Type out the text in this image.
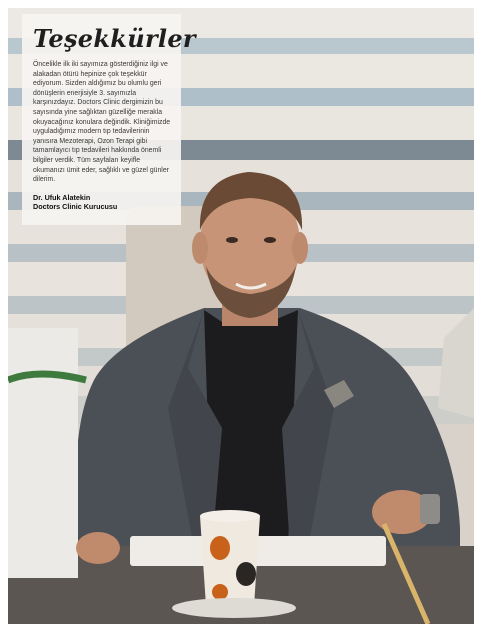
Teşekkürler

Öncelikle ilk iki sayımıza gösterdiğiniz ilgi ve alakadan ötürü hepinize çok teşekkür ediyorum. Sizden aldığımız bu olumlu geri dönüşlerin enerjisiyle 3. sayımızla karşınızdayız. Doctors Clinic dergimizin bu sayısında yine sağlıktan güzelliğe merakla okuyacağınız konulara değindik. Kliniğimizde uyguladığımız modern tıp tedavilerinin yanısıra Mezoterapi, Ozon Terapi gibi tamamlayıcı tıp tedavileri hakkında önemli bilgiler verdik. Tüm sayfaları keyifle okumanızı ümit eder, sağlıklı ve güzel günler dilerim.

Dr. Ufuk Alatekin
Doctors Clinic Kurucusu
